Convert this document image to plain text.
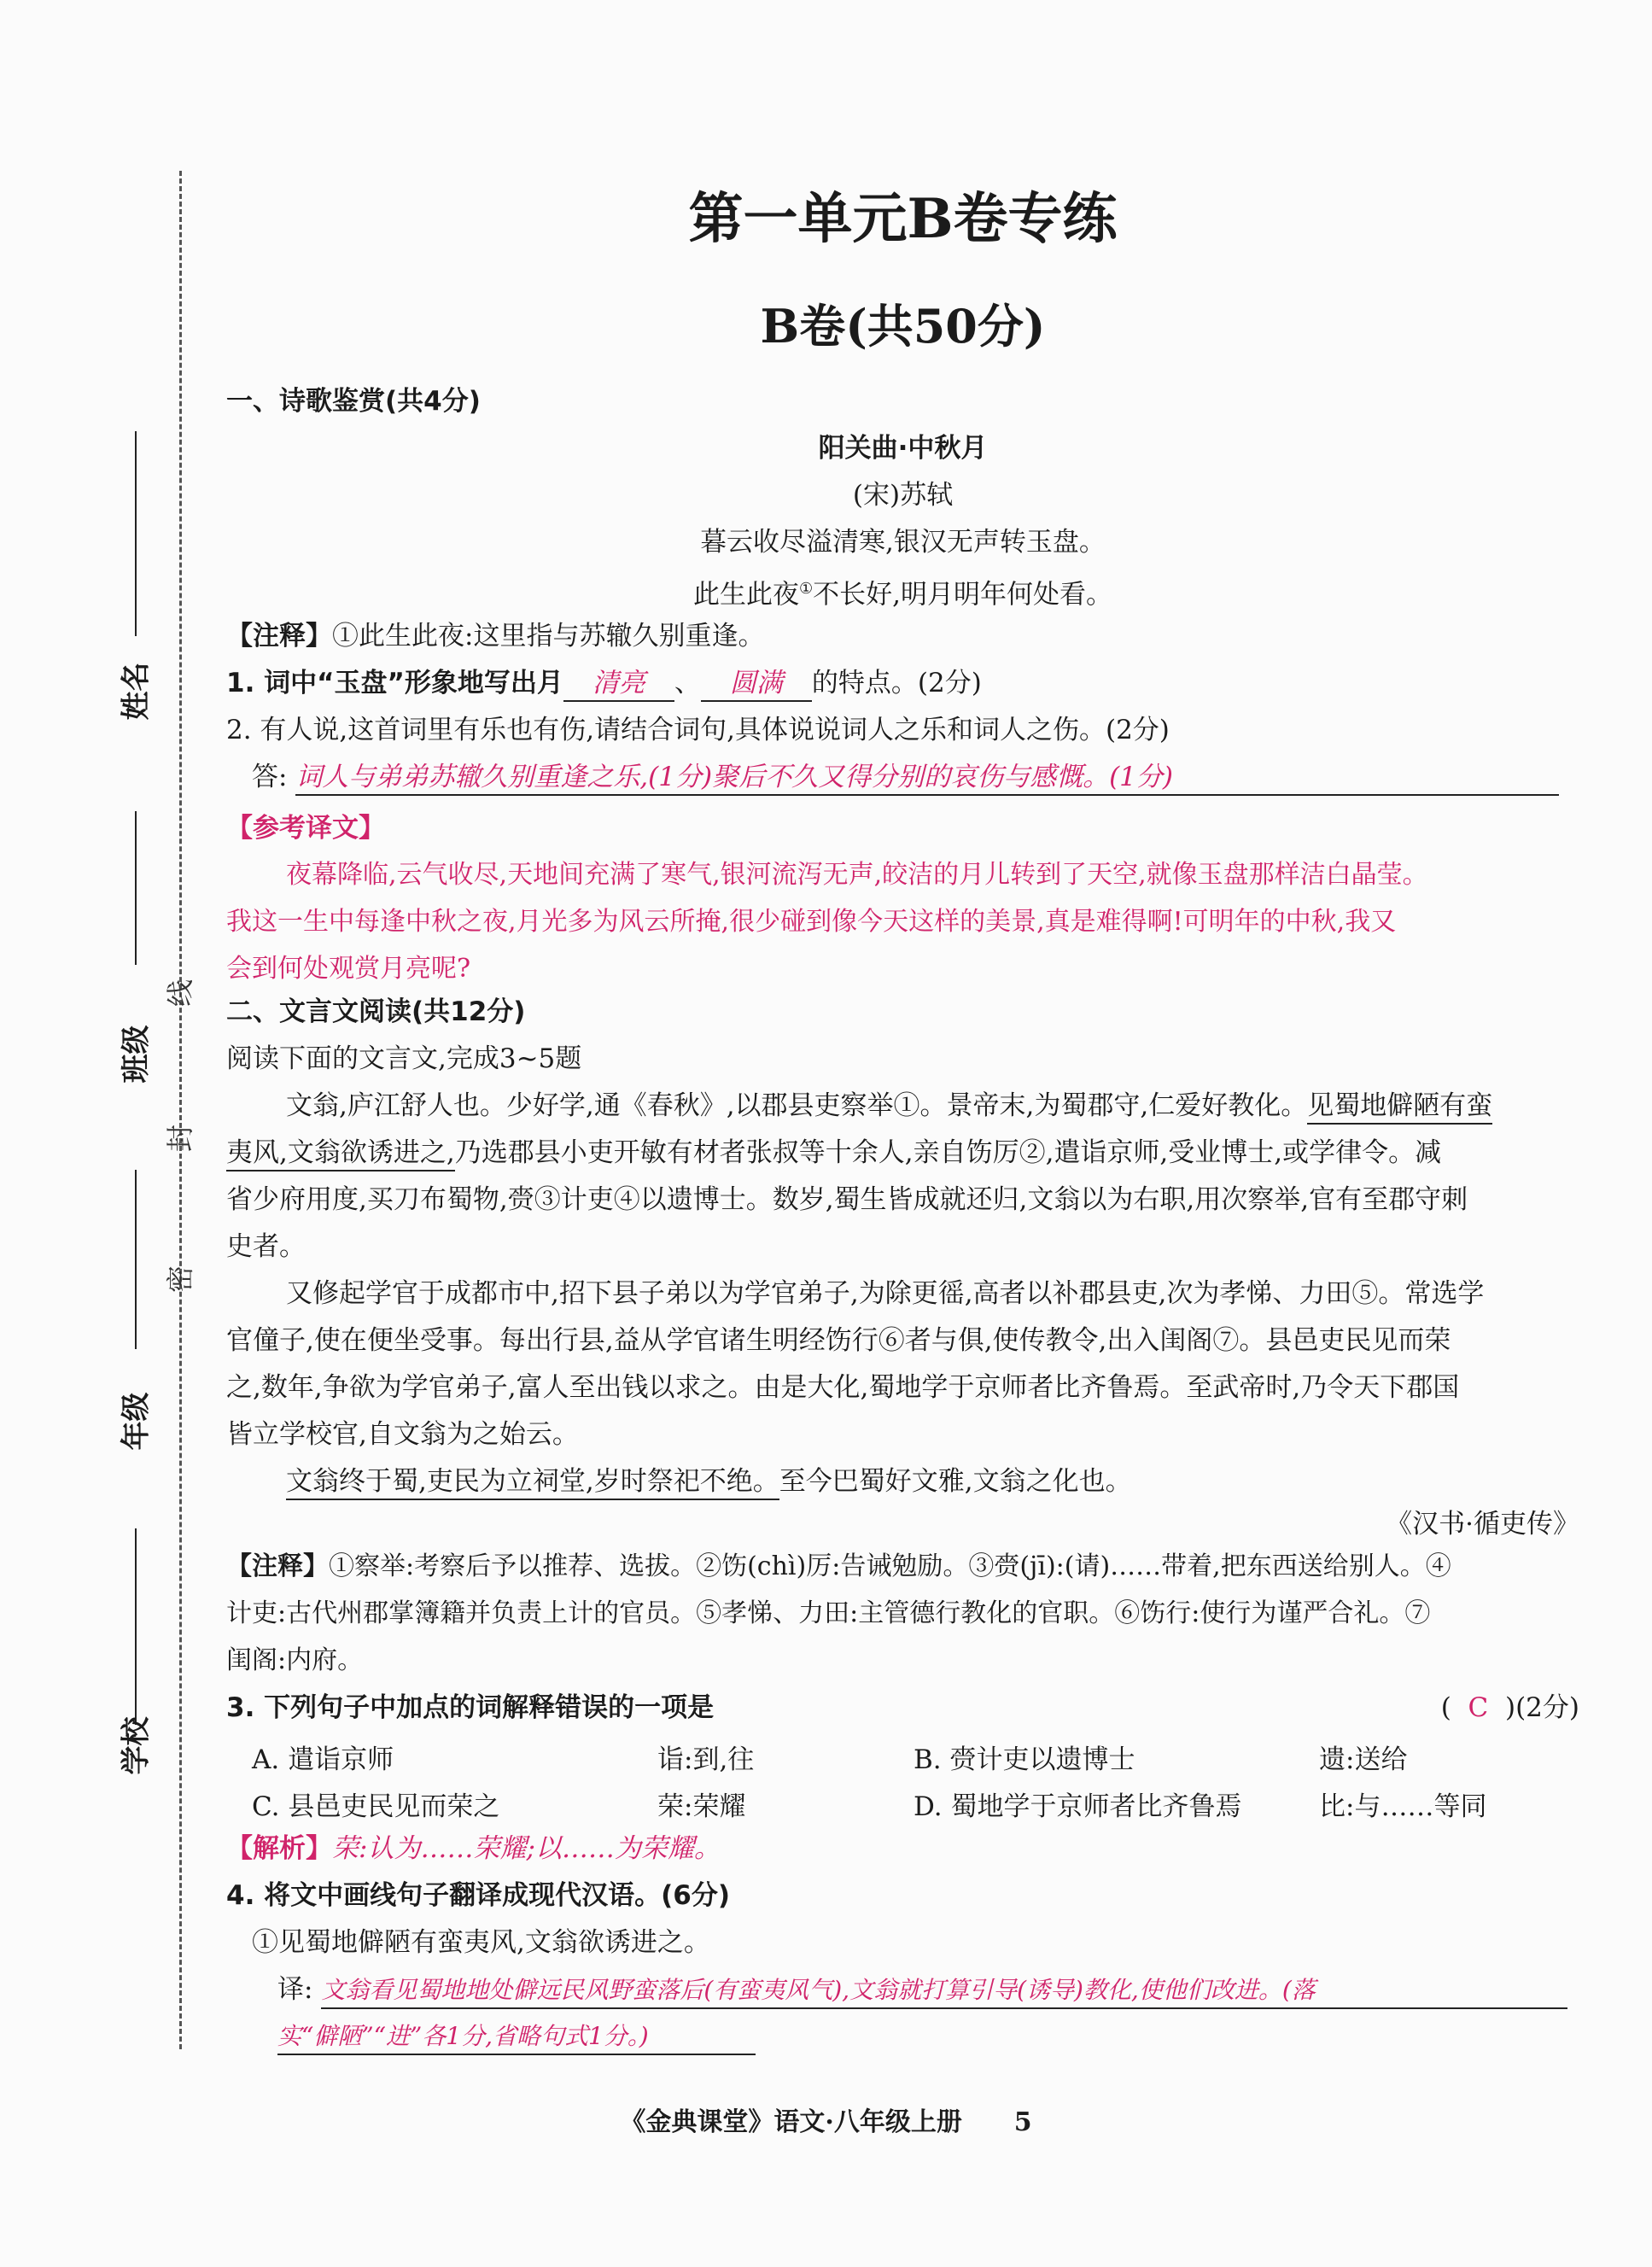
姓名
班级
年级
学校
线
封
密
第一单元B卷专练
B卷(共50分)
一、诗歌鉴赏(共4分)
阳关曲·中秋月
(宋)苏轼
暮云收尽溢清寒,银汉无声转玉盘。
此生此夜①不长好,明月明年何处看。
【注释】①此生此夜:这里指与苏辙久别重逢。
1. 词中“玉盘”形象地写出月 清亮 、 圆满 的特点。(2分)
2. 有人说,这首词里有乐也有伤,请结合词句,具体说说词人之乐和词人之伤。(2分)
答: 词人与弟弟苏辙久别重逢之乐,(1分)聚后不久又得分别的哀伤与感慨。(1分)
【参考译文】
夜幕降临,云气收尽,天地间充满了寒气,银河流泻无声,皎洁的月儿转到了天空,就像玉盘那样洁白晶莹。
我这一生中每逢中秋之夜,月光多为风云所掩,很少碰到像今天这样的美景,真是难得啊!可明年的中秋,我又
会到何处观赏月亮呢?
二、文言文阅读(共12分)
阅读下面的文言文,完成3~5题
文翁,庐江舒人也。少好学,通《春秋》,以郡县吏察举①。景帝末,为蜀郡守,仁爱好教化。见蜀地僻陋有蛮
夷风,文翁欲诱进之,乃选郡县小吏开敏有材者张叔等十余人,亲自饬厉②,遣诣京师,受业博士,或学律令。减
省少府用度,买刀布蜀物,赍③计吏④以遗博士。数岁,蜀生皆成就还归,文翁以为右职,用次察举,官有至郡守刺
史者。
又修起学官于成都市中,招下县子弟以为学官弟子,为除更徭,高者以补郡县吏,次为孝悌、力田⑤。常选学
官僮子,使在便坐受事。每出行县,益从学官诸生明经饬行⑥者与俱,使传教令,出入闺阁⑦。县邑吏民见而荣
之,数年,争欲为学官弟子,富人至出钱以求之。由是大化,蜀地学于京师者比齐鲁焉。至武帝时,乃令天下郡国
皆立学校官,自文翁为之始云。
文翁终于蜀,吏民为立祠堂,岁时祭祀不绝。至今巴蜀好文雅,文翁之化也。
《汉书·循吏传》
【注释】①察举:考察后予以推荐、选拔。②饬(chì)厉:告诫勉励。③赍(jī):(请)……带着,把东西送给别人。④
计吏:古代州郡掌簿籍并负责上计的官员。⑤孝悌、力田:主管德行教化的官职。⑥饬行:使行为谨严合礼。⑦
闺阁:内府。
3. 下列句子中加点的词解释错误的一项是	(  C  )(2分)
A. 遣诣京师	诣:到,往	B. 赍计吏以遗博士	遗:送给
C. 县邑吏民见而荣之	荣:荣耀	D. 蜀地学于京师者比齐鲁焉	比:与……等同
【解析】荣:认为……荣耀;以……为荣耀。
4. 将文中画线句子翻译成现代汉语。(6分)
①见蜀地僻陋有蛮夷风,文翁欲诱进之。
译: 文翁看见蜀地地处僻远民风野蛮落后(有蛮夷风气),文翁就打算引导(诱导)教化,使他们改进。(落
实“僻陋”“进”各1分,省略句式1分。)
《金典课堂》语文·八年级上册 5
